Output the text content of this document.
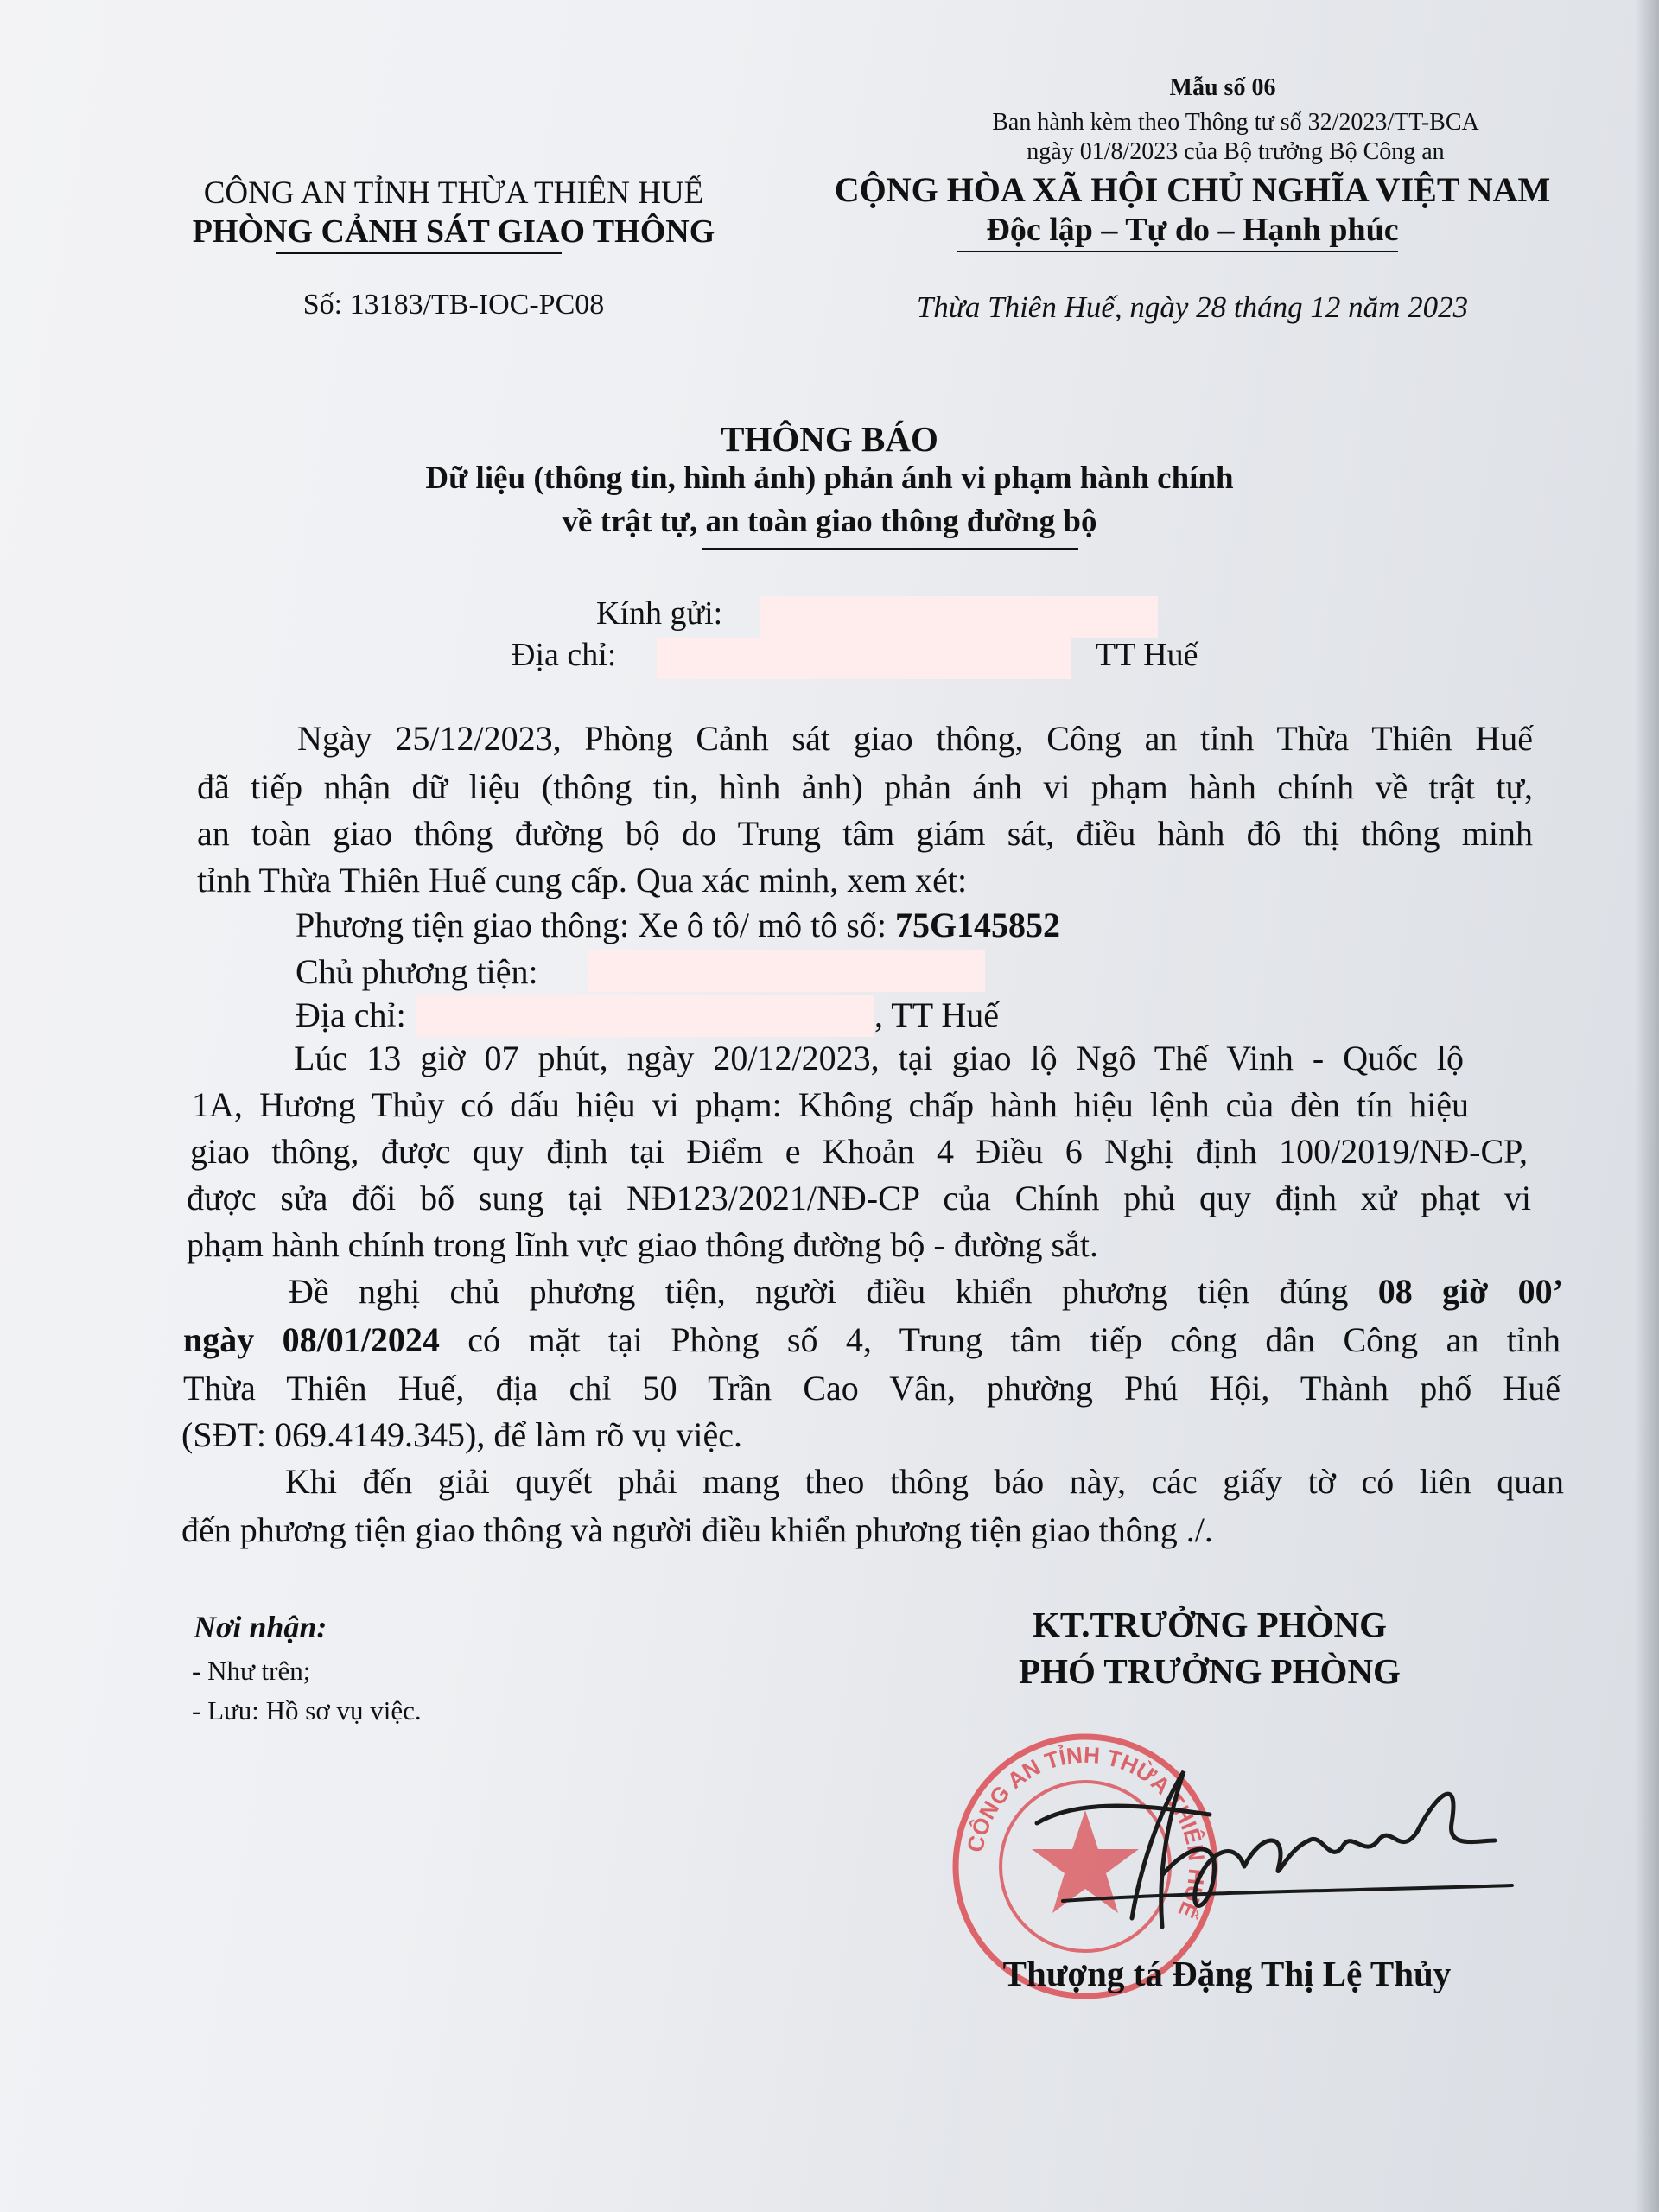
Mẫu số 06
Ban hành kèm theo Thông tư số 32/2023/TT-BCA
ngày 01/8/2023 của Bộ trưởng Bộ Công an
CÔNG AN TỈNH THỪA THIÊN HUẾ
PHÒNG CẢNH SÁT GIAO THÔNG
Số: 13183/TB-IOC-PC08
CỘNG HÒA XÃ HỘI CHỦ NGHĨA VIỆT NAM
Độc lập – Tự do – Hạnh phúc
Thừa Thiên Huế, ngày 28 tháng 12 năm 2023
THÔNG BÁO
Dữ liệu (thông tin, hình ảnh) phản ánh vi phạm hành chính
về trật tự, an toàn giao thông đường bộ
Kính gửi:
Địa chỉ:	TT Huế
Ngày 25/12/2023, Phòng Cảnh sát giao thông, Công an tỉnh Thừa Thiên Huế
đã tiếp nhận dữ liệu (thông tin, hình ảnh) phản ánh vi phạm hành chính về trật tự,
an toàn giao thông đường bộ do Trung tâm giám sát, điều hành đô thị thông minh
tỉnh Thừa Thiên Huế cung cấp. Qua xác minh, xem xét:
Phương tiện giao thông: Xe ô tô/ mô tô số: 75G145852
Chủ phương tiện:
Địa chỉ:	, TT Huế
Lúc 13 giờ 07 phút, ngày 20/12/2023, tại giao lộ Ngô Thế Vinh - Quốc lộ
1A, Hương Thủy có dấu hiệu vi phạm: Không chấp hành hiệu lệnh của đèn tín hiệu
giao thông, được quy định tại Điểm e Khoản 4 Điều 6 Nghị định 100/2019/NĐ-CP,
được sửa đổi bổ sung tại NĐ123/2021/NĐ-CP của Chính phủ quy định xử phạt vi
phạm hành chính trong lĩnh vực giao thông đường bộ - đường sắt.
Đề nghị chủ phương tiện, người điều khiển phương tiện đúng 08 giờ 00’
ngày 08/01/2024 có mặt tại Phòng số 4, Trung tâm tiếp công dân Công an tỉnh
Thừa Thiên Huế, địa chỉ 50 Trần Cao Vân, phường Phú Hội, Thành phố Huế
(SĐT: 069.4149.345), để làm rõ vụ việc.
Khi đến giải quyết phải mang theo thông báo này, các giấy tờ có liên quan
đến phương tiện giao thông và người điều khiển phương tiện giao thông ./.
Nơi nhận:
- Như trên;
- Lưu: Hồ sơ vụ việc.
KT.TRƯỞNG PHÒNG
PHÓ TRƯỞNG PHÒNG
CÔNG AN TỈNH THỪA THIÊN HUẾ
Thượng tá Đặng Thị Lệ Thủy
